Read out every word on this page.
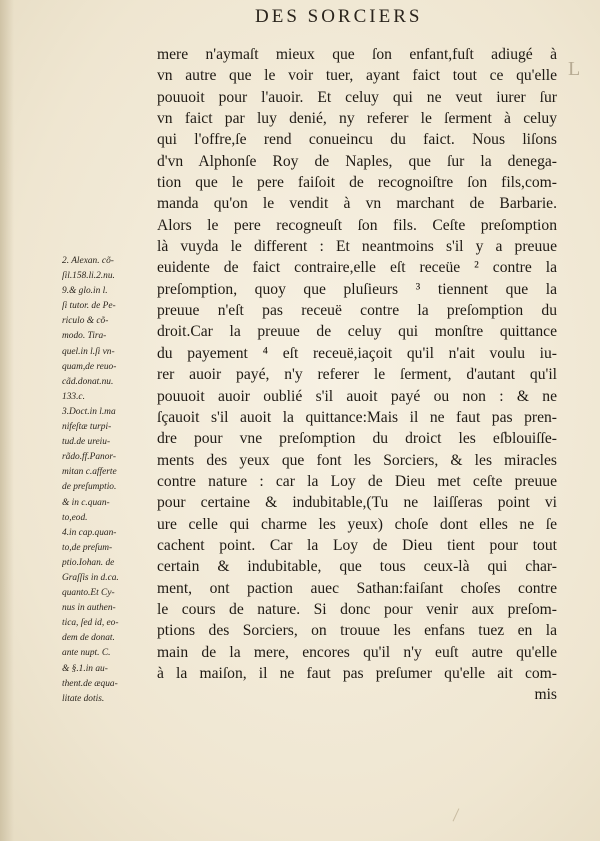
DES SORCIERS
L
mere n'aymaſt mieux que ſon enfant,fuſt adiugé à
vn autre que le voir tuer, ayant faict tout ce qu'elle
pouuoit pour l'auoir. Et celuy qui ne veut iurer ſur
vn faict par luy denié, ny referer le ſerment à celuy
qui l'offre,ſe rend conueincu du faict. Nous liſons
d'vn Alphonſe Roy de Naples, que ſur la denega-
tion que le pere faiſoit de recognoiſtre ſon fils,com-
manda qu'on le vendit à vn marchant de Barbarie.
Alors le pere recogneuſt ſon fils. Ceſte preſomption
là vuyda le different : Et neantmoins s'il y a preuue
euidente de faict contraire,elle eſt receüe ² contre la
preſomption, quoy que pluſieurs ³ tiennent que la
preuue n'eſt pas receuë contre la preſomption du
droit.Car la preuue de celuy qui monſtre quittance
du payement ⁴ eſt receuë,iaçoit qu'il n'ait voulu iu-
rer auoir payé, n'y referer le ſerment, d'autant qu'il
pouuoit auoir oublié s'il auoit payé ou non : & ne
ſçauoit s'il auoit la quittance:Mais il ne faut pas pren-
dre pour vne preſomption du droict les eſblouiſſe-
ments des yeux que font les Sorciers, & les miracles
contre nature : car la Loy de Dieu met ceſte preuue
pour certaine & indubitable,(Tu ne laiſſeras point vi
ure celle qui charme les yeux) choſe dont elles ne ſe
cachent point. Car la Loy de Dieu tient pour tout
certain & indubitable, que tous ceux-là qui char-
ment, ont paction auec Sathan:faiſant choſes contre
le cours de nature. Si donc pour venir aux preſom-
ptions des Sorciers, on trouue les enfans tuez en la
main de la mere, encores qu'il n'y euſt autre qu'elle
à la maiſon, il ne faut pas preſumer qu'elle ait com-
mis
2. Alexan. cõ-
ſil.158.li.2.nu.
9.& glo.in l.
ſi tutor. de Pe-
riculo & cõ-
modo. Tira-
quel.in l.ſi vn-
quam,de reuo-
cãd.donat.nu.
133.c.
3.Doct.in l.ma
nifeſtæ turpi-
tud.de ureiu-
rãdo.ff.Panor-
mitan c.afferte
de preſumptio.
& in c.quan-
to,eod.
4.in cap.quan-
to,de preſum-
ptio.Iohan. de
Graſſis in d.ca.
quanto.Et Cy-
nus in authen-
tica, ſed id, eo-
dem de donat.
ante nupt. C.
& §.1.in au-
thent.de æqua-
litate dotis.
